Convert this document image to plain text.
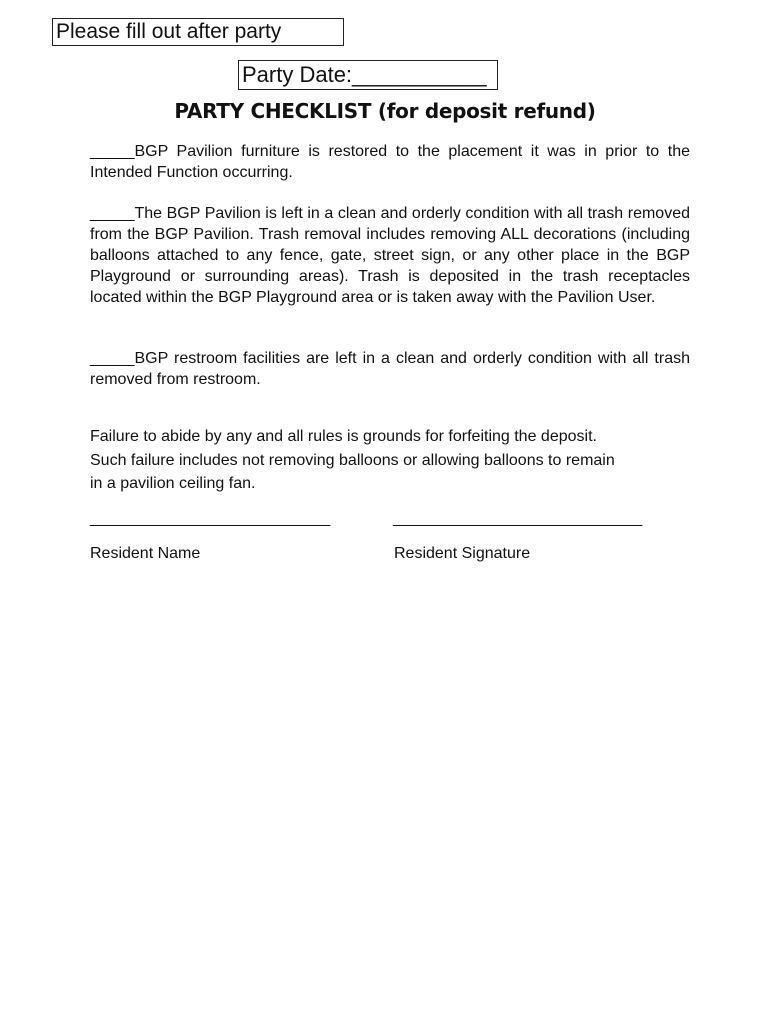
Please fill out after party
Party Date:___________
PARTY CHECKLIST (for deposit refund)

_____BGP Pavilion furniture is restored to the placement it was in prior to the Intended Function occurring.

_____The BGP Pavilion is left in a clean and orderly condition with all trash removed from the BGP Pavilion. Trash removal includes removing ALL decorations (including balloons attached to any fence, gate, street sign, or any other place in the BGP Playground or surrounding areas). Trash is deposited in the trash receptacles located within the BGP Playground area or is taken away with the Pavilion User.

_____BGP restroom facilities are left in a clean and orderly condition with all trash removed from restroom.

Failure to abide by any and all rules is grounds for forfeiting the deposit.
Such failure includes not removing balloons or allowing balloons to remain
in a pavilion ceiling fan.

___________________________	____________________________
Resident Name	Resident Signature
